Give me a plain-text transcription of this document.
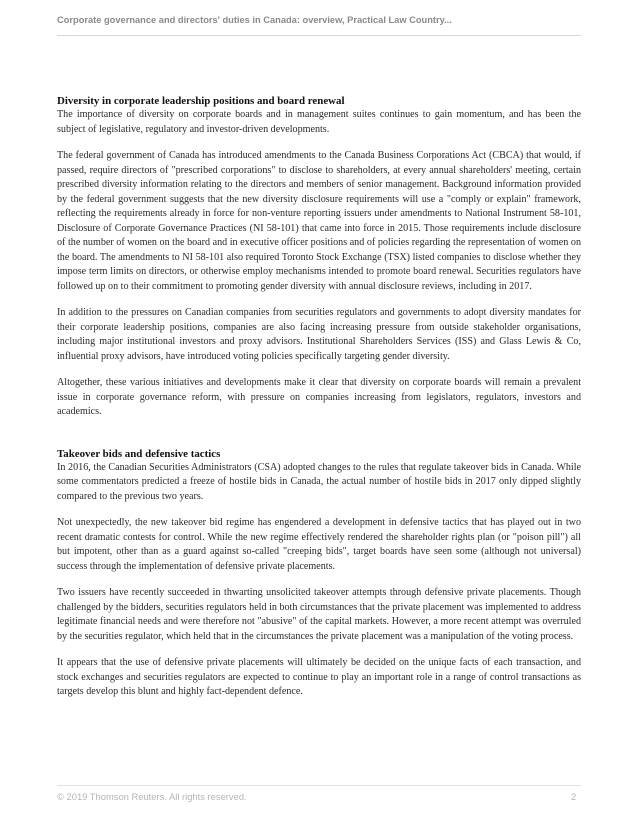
Corporate governance and directors' duties in Canada: overview, Practical Law Country...
Diversity in corporate leadership positions and board renewal

The importance of diversity on corporate boards and in management suites continues to gain momentum, and has been the subject of legislative, regulatory and investor-driven developments.

The federal government of Canada has introduced amendments to the Canada Business Corporations Act (CBCA) that would, if passed, require directors of "prescribed corporations" to disclose to shareholders, at every annual shareholders' meeting, certain prescribed diversity information relating to the directors and members of senior management. Background information provided by the federal government suggests that the new diversity disclosure requirements will use a "comply or explain" framework, reflecting the requirements already in force for non-venture reporting issuers under amendments to National Instrument 58-101, Disclosure of Corporate Governance Practices (NI 58-101) that came into force in 2015. Those requirements include disclosure of the number of women on the board and in executive officer positions and of policies regarding the representation of women on the board. The amendments to NI 58-101 also required Toronto Stock Exchange (TSX) listed companies to disclose whether they impose term limits on directors, or otherwise employ mechanisms intended to promote board renewal. Securities regulators have followed up on to their commitment to promoting gender diversity with annual disclosure reviews, including in 2017.

In addition to the pressures on Canadian companies from securities regulators and governments to adopt diversity mandates for their corporate leadership positions, companies are also facing increasing pressure from outside stakeholder organisations, including major institutional investors and proxy advisors. Institutional Shareholders Services (ISS) and Glass Lewis & Co, influential proxy advisors, have introduced voting policies specifically targeting gender diversity.

Altogether, these various initiatives and developments make it clear that diversity on corporate boards will remain a prevalent issue in corporate governance reform, with pressure on companies increasing from legislators, regulators, investors and academics.

Takeover bids and defensive tactics

In 2016, the Canadian Securities Administrators (CSA) adopted changes to the rules that regulate takeover bids in Canada. While some commentators predicted a freeze of hostile bids in Canada, the actual number of hostile bids in 2017 only dipped slightly compared to the previous two years.

Not unexpectedly, the new takeover bid regime has engendered a development in defensive tactics that has played out in two recent dramatic contests for control. While the new regime effectively rendered the shareholder rights plan (or "poison pill") all but impotent, other than as a guard against so-called "creeping bids", target boards have seen some (although not universal) success through the implementation of defensive private placements.

Two issuers have recently succeeded in thwarting unsolicited takeover attempts through defensive private placements. Though challenged by the bidders, securities regulators held in both circumstances that the private placement was implemented to address legitimate financial needs and were therefore not "abusive" of the capital markets. However, a more recent attempt was overruled by the securities regulator, which held that in the circumstances the private placement was a manipulation of the voting process.

It appears that the use of defensive private placements will ultimately be decided on the unique facts of each transaction, and stock exchanges and securities regulators are expected to continue to play an important role in a range of control transactions as targets develop this blunt and highly fact-dependent defence.

© 2019 Thomson Reuters. All rights reserved.	2
